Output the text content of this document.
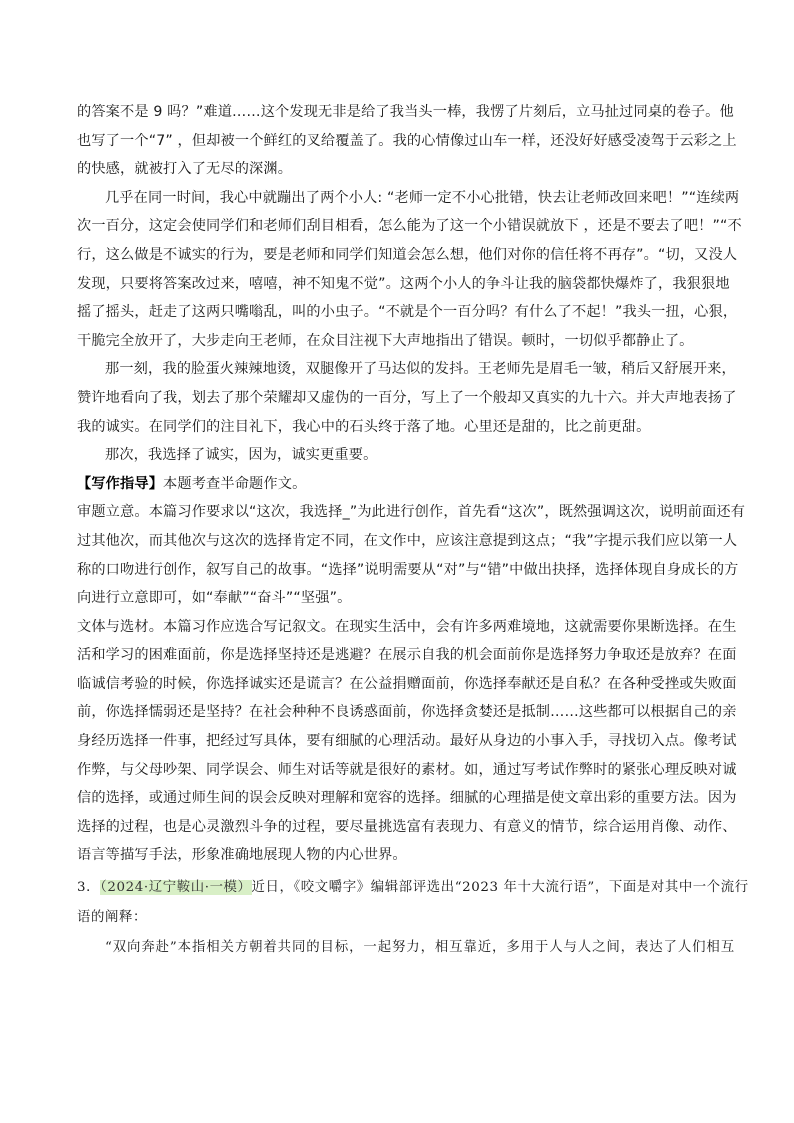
的答案不是 9 吗？”难道……这个发现无非是给了我当头一棒，我愣了片刻后，立马扯过同桌的卷子。他
也写了一个“7” ，但却被一个鲜红的叉给覆盖了。我的心情像过山车一样，还没好好感受凌驾于云彩之上
的快感，就被打入了无尽的深渊。
几乎在同一时间，我心中就蹦出了两个小人: “老师一定不小心批错，快去让老师改回来吧！”“连续两
次一百分，这定会使同学们和老师们刮目相看，怎么能为了这一个小错误就放下 ，还是不要去了吧！”“不
行，这么做是不诚实的行为，要是老师和同学们知道会怎么想，他们对你的信任将不再存”。“切，又没人
发现，只要将答案改过来，嘻嘻，神不知鬼不觉”。这两个小人的争斗让我的脑袋都快爆炸了，我狠狠地
摇了摇头，赶走了这两只嘴嗡乱，叫的小虫子。“不就是个一百分吗？有什么了不起！”我头一扭，心狠，
干脆完全放开了，大步走向王老师，在众目注视下大声地指出了错误。顿时，一切似乎都静止了。
那一刻，我的脸蛋火辣辣地烫，双腿像开了马达似的发抖。王老师先是眉毛一皱，稍后又舒展开来，
赞许地看向了我，划去了那个荣耀却又虚伪的一百分，写上了一个般却又真实的九十六。并大声地表扬了
我的诚实。在同学们的注目礼下，我心中的石头终于落了地。心里还是甜的，比之前更甜。
那次，我选择了诚实，因为，诚实更重要。
【写作指导】本题考查半命题作文。
审题立意。本篇习作要求以“这次，我选择_”为此进行创作，首先看“这次”，既然强调这次，说明前面还有
过其他次，而其他次与这次的选择肯定不同，在文作中，应该注意提到这点；“我”字提示我们应以第一人
称的口吻进行创作，叙写自己的故事。“选择”说明需要从“对”与“错”中做出抉择，选择体现自身成长的方
向进行立意即可，如“奉献”“奋斗”“坚强”。
文体与选材。本篇习作应选合写记叙文。在现实生活中，会有许多两难境地，这就需要你果断选择。在生
活和学习的困难面前，你是选择坚持还是逃避？在展示自我的机会面前你是选择努力争取还是放弃？在面
临诚信考验的时候，你选择诚实还是谎言？在公益捐赠面前，你选择奉献还是自私？在各种受挫或失败面
前，你选择懦弱还是坚持？在社会种种不良诱惑面前，你选择贪婪还是抵制……这些都可以根据自己的亲
身经历选择一件事，把经过写具体，要有细腻的心理活动。最好从身边的小事入手，寻找切入点。像考试
作弊，与父母吵架、同学误会、师生对话等就是很好的素材。如，通过写考试作弊时的紧张心理反映对诚
信的选择，或通过师生间的误会反映对理解和宽容的选择。细腻的心理描是使文章出彩的重要方法。因为
选择的过程，也是心灵激烈斗争的过程，要尽量挑选富有表现力、有意义的情节，综合运用肖像、动作、
语言等描写手法，形象准确地展现人物的内心世界。
3．（2024·辽宁鞍山·一模）近日，《咬文嚼字》编辑部评选出“2023 年十大流行语”，下面是对其中一个流行
语的阐释：
“双向奔赴”本指相关方朝着共同的目标，一起努力，相互靠近，多用于人与人之间，表达了人们相互
